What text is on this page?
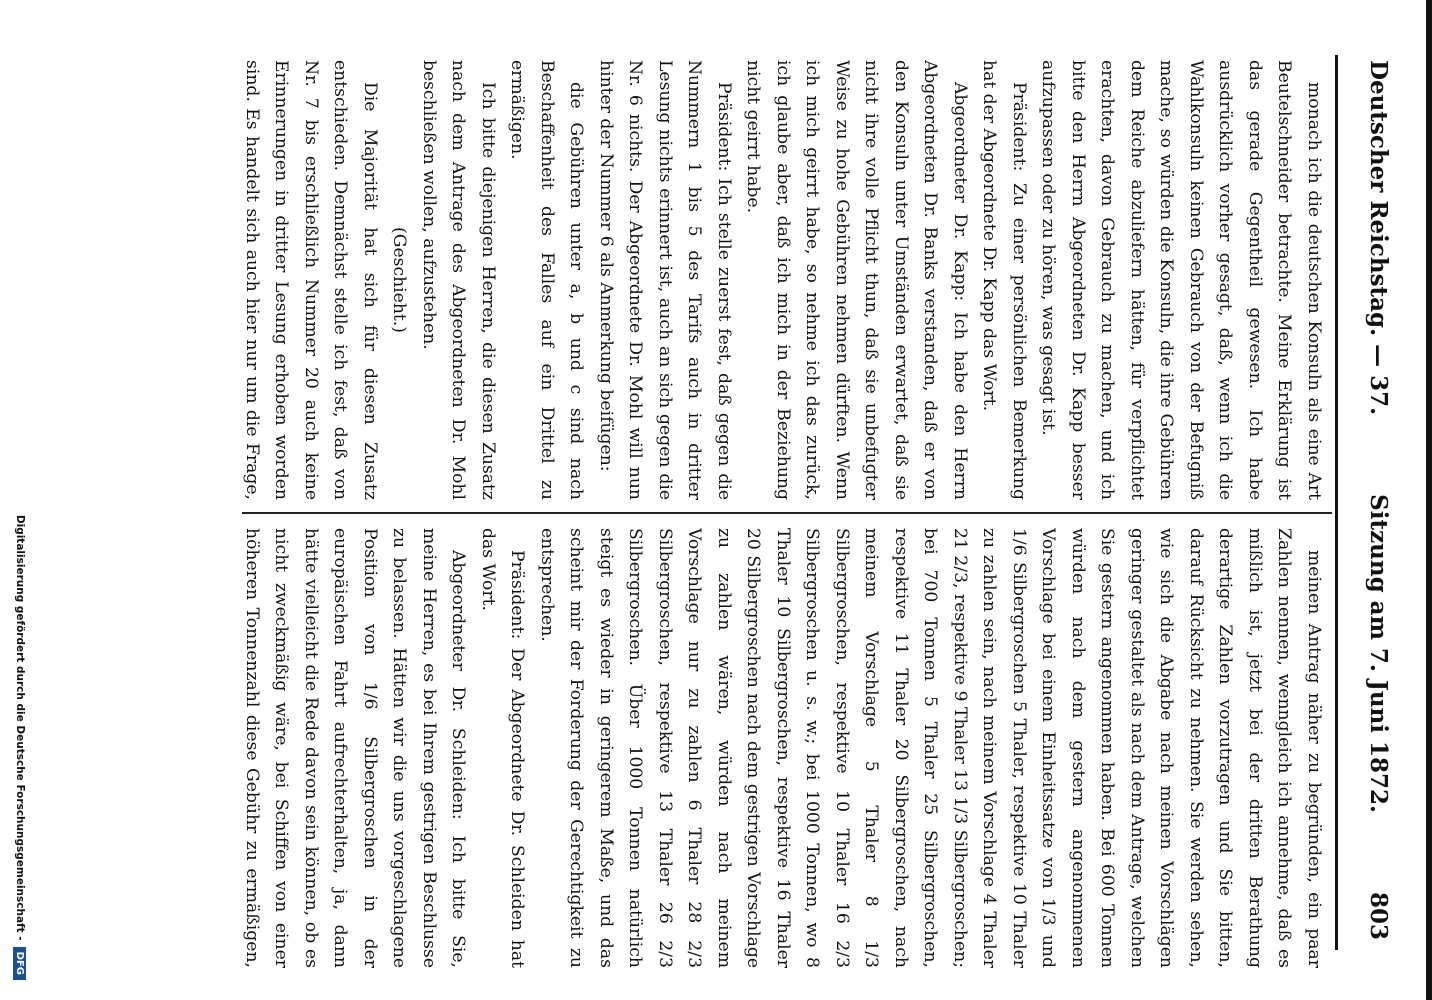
Deutscher Reichstag. — 37.
Sitzung am 7. Juni 1872.
803

monach ich die deutschen Konsuln als eine Art Beutelschneider betrachte. Meine Erklärung ist das gerade Gegentheil gewesen. Ich habe ausdrücklich vorher gesagt, daß, wenn ich die Wahlkonsuln keinen Gebrauch von der Befugniß mache, so würden die Konsuln, die ihre Gebühren dem Reiche abzuliefern hätten, für verpflichtet erachten, davon Gebrauch zu machen, und ich bitte den Herrn Abgeordneten Dr. Kapp besser aufzupassen oder zu hören, was gesagt ist.

Präsident: Zu einer persönlichen Bemerkung hat der Abgeordnete Dr. Kapp das Wort.

Abgeordneter Dr. Kapp: Ich habe den Herrn Abgeordneten Dr. Banks verstanden, daß er von den Konsuln unter Umständen erwartet, daß sie nicht ihre volle Pflicht thun, daß sie unbefugter Weise zu hohe Gebühren nehmen dürften. Wenn ich mich geirrt habe, so nehme ich das zurück, ich glaube aber, daß ich mich in der Beziehung nicht geirrt habe.

Präsident: Ich stelle zuerst fest, daß gegen die Nummern 1 bis 5 des Tarifs auch in dritter Lesung nichts erinnert ist, auch an sich gegen die Nr. 6 nichts. Der Abgeordnete Dr. Mohl will nun hinter der Nummer 6 als Anmerkung beifügen:

die Gebühren unter a, b und c sind nach Beschaffenheit des Falles auf ein Drittel zu ermäßigen.

Ich bitte diejenigen Herren, die diesen Zusatz nach dem Antrage des Abgeordneten Dr. Mohl beschließen wollen, aufzustehen.

(Geschieht.)

Die Majorität hat sich für diesen Zusatz entschieden. Demnächst stelle ich fest, daß von Nr. 7 bis erschließlich Nummer 20 auch keine Erinnerungen in dritter Lesung erhoben worden sind. Es handelt sich auch hier nur um die Frage,

meinen Antrag näher zu begründen, ein paar Zahlen nennen, wenngleich ich annehme, daß es mißlich ist, jetzt bei der dritten Berathung derartige Zahlen vorzutragen und Sie bitten, darauf Rücksicht zu nehmen. Sie werden sehen, wie sich die Abgabe nach meinen Vorschlägen geringer gestaltet als nach dem Antrage, welchen Sie gestern angenommen haben. Bei 600 Tonnen würden nach dem gestern angenommenen Vorschlage bei einem Einheitssatze von 1/3 und 1/6 Silbergroschen 5 Thaler, respektive 10 Thaler zu zahlen sein, nach meinem Vorschlage 4 Thaler 21 2/3, respektive 9 Thaler 13 1/3 Silbergroschen; bei 700 Tonnen 5 Thaler 25 Silbergroschen, respektive 11 Thaler 20 Silbergroschen, nach meinem Vorschlage 5 Thaler 8 1/3 Silbergroschen, respektive 10 Thaler 16 2/3 Silbergroschen u. s. w.; bei 1000 Tonnen, wo 8 Thaler 10 Silbergroschen, respektive 16 Thaler 20 Silbergroschen nach dem gestrigen Vorschlage zu zahlen wären, würden nach meinem Vorschlage nur zu zahlen 6 Thaler 28 2/3 Silbergroschen, respektive 13 Thaler 26 2/3 Silbergroschen. Über 1000 Tonnen natürlich steigt es wieder in geringerem Maße, und das scheint mir der Forderung der Gerechtigkeit zu entsprechen.

Präsident: Der Abgeordnete Dr. Schleiden hat das Wort.

Abgeordneter Dr. Schleiden: Ich bitte Sie, meine Herren, es bei Ihrem gestrigen Beschlusse zu belassen. Hätten wir die uns vorgeschlagene Position von 1/6 Silbergroschen in der europäischen Fahrt aufrechterhalten, ja, dann hätte vielleicht die Rede davon sein können, ob es nicht zweckmäßig wäre, bei Schiffen von einer höheren Tonnenzahl diese Gebühr zu ermäßigen,

Digitalisierung gefördert durch die Deutsche Forschungsgemeinschaft -
DFG
